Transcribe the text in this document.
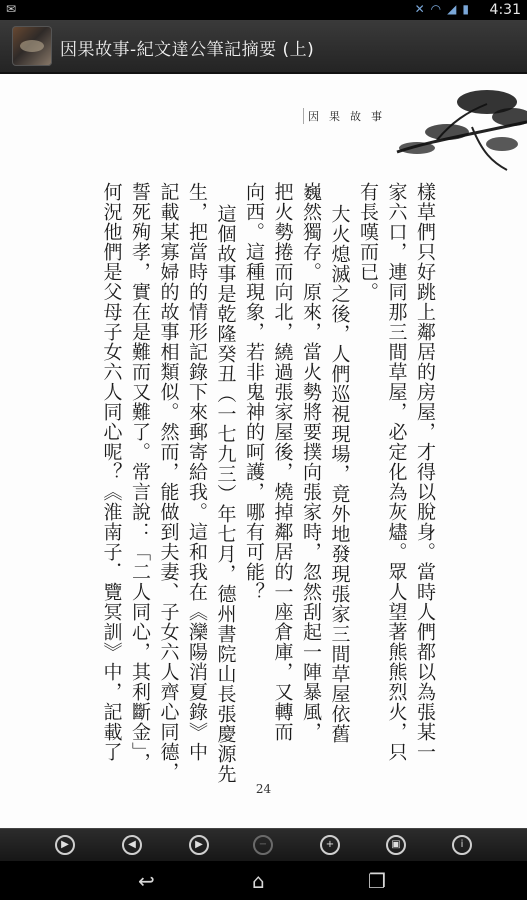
✉	✕ ◠ ◢ ▮ 4:31
因果故事-紀文達公筆記摘要 (上)
因果故事
樣草們只好跳上鄰居的房屋，才得以脫身。當時人們都以為張某一
家六口，連同那三間草屋，必定化為灰燼。眾人望著熊熊烈火，只
有長嘆而已。
大火熄滅之後，人們巡視現場，竟外地發現張家三間草屋依舊
巍然獨存。原來，當火勢將要撲向張家時，忽然刮起一陣暴風，
把火勢捲而向北，繞過張家屋後，燒掉鄰居的一座倉庫，又轉而
向西。這種現象，若非鬼神的呵護，哪有可能？
這個故事是乾隆癸丑（一七九三）年七月，德州書院山長張慶源先
生，把當時的情形記錄下來郵寄給我。這和我在《灤陽消夏錄》中
記載某寡婦的故事相類似。然而，能做到夫妻、子女六人齊心同德，
誓死殉孝，實在是難而又難了。常言說：「二人同心，其利斷金」，
何況他們是父母子女六人同心呢？《淮南子．覽冥訓》中，記載了
24
▶	◀	▶	−	+	▣	i
↩	⌂	❐
